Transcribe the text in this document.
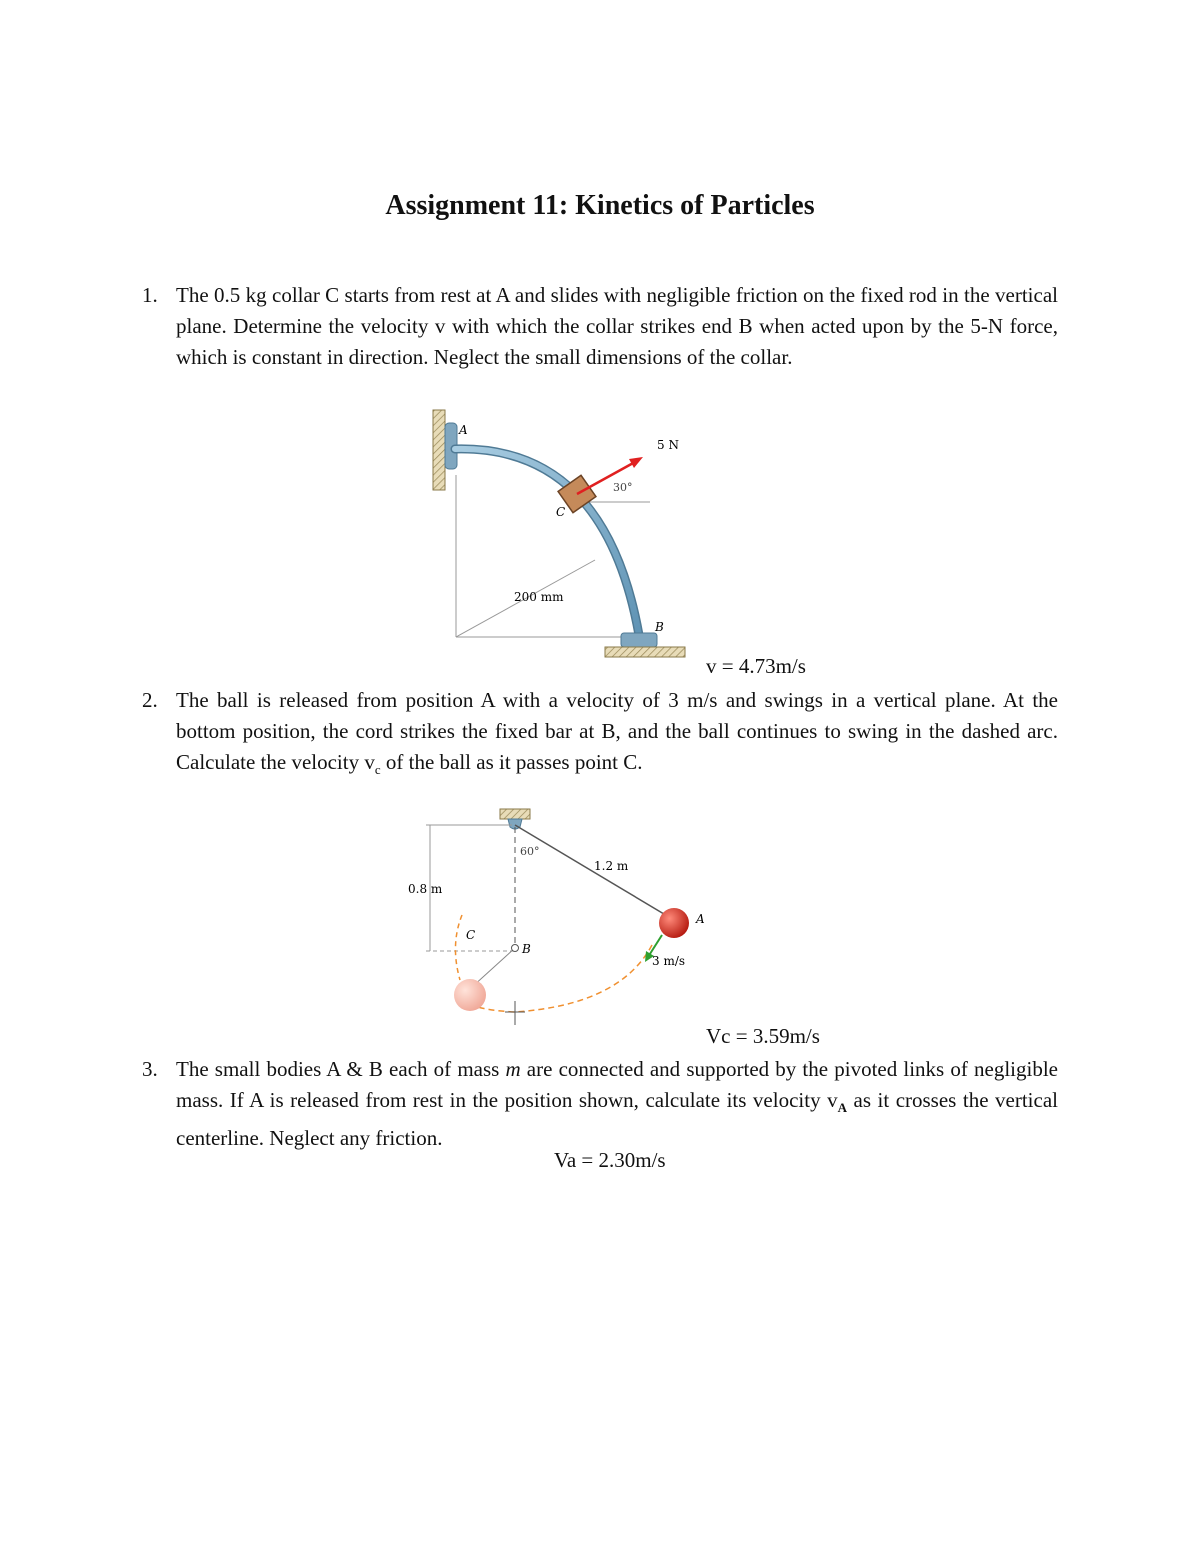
Assignment 11: Kinetics of Particles
1. The 0.5 kg collar C starts from rest at A and slides with negligible friction on the fixed rod in the vertical plane. Determine the velocity v with which the collar strikes end B when acted upon by the 5-N force, which is constant in direction. Neglect the small dimensions of the collar.
A
5 N
30°
C
200 mm
B
v = 4.73m/s
2. The ball is released from position A with a velocity of 3 m/s and swings in a vertical plane. At the bottom position, the cord strikes the fixed bar at B, and the ball continues to swing in the dashed arc. Calculate the velocity $v_c$ of the ball as it passes point C.
60°
1.2 m
0.8 m
A
B
C
3 m/s
Vc = 3.59m/s
3. The small bodies A & B each of mass m are connected and supported by the pivoted links of negligible mass. If A is released from rest in the position shown, calculate its velocity $v_A$ as it crosses the vertical centerline. Neglect any friction.
Va = 2.30m/s
